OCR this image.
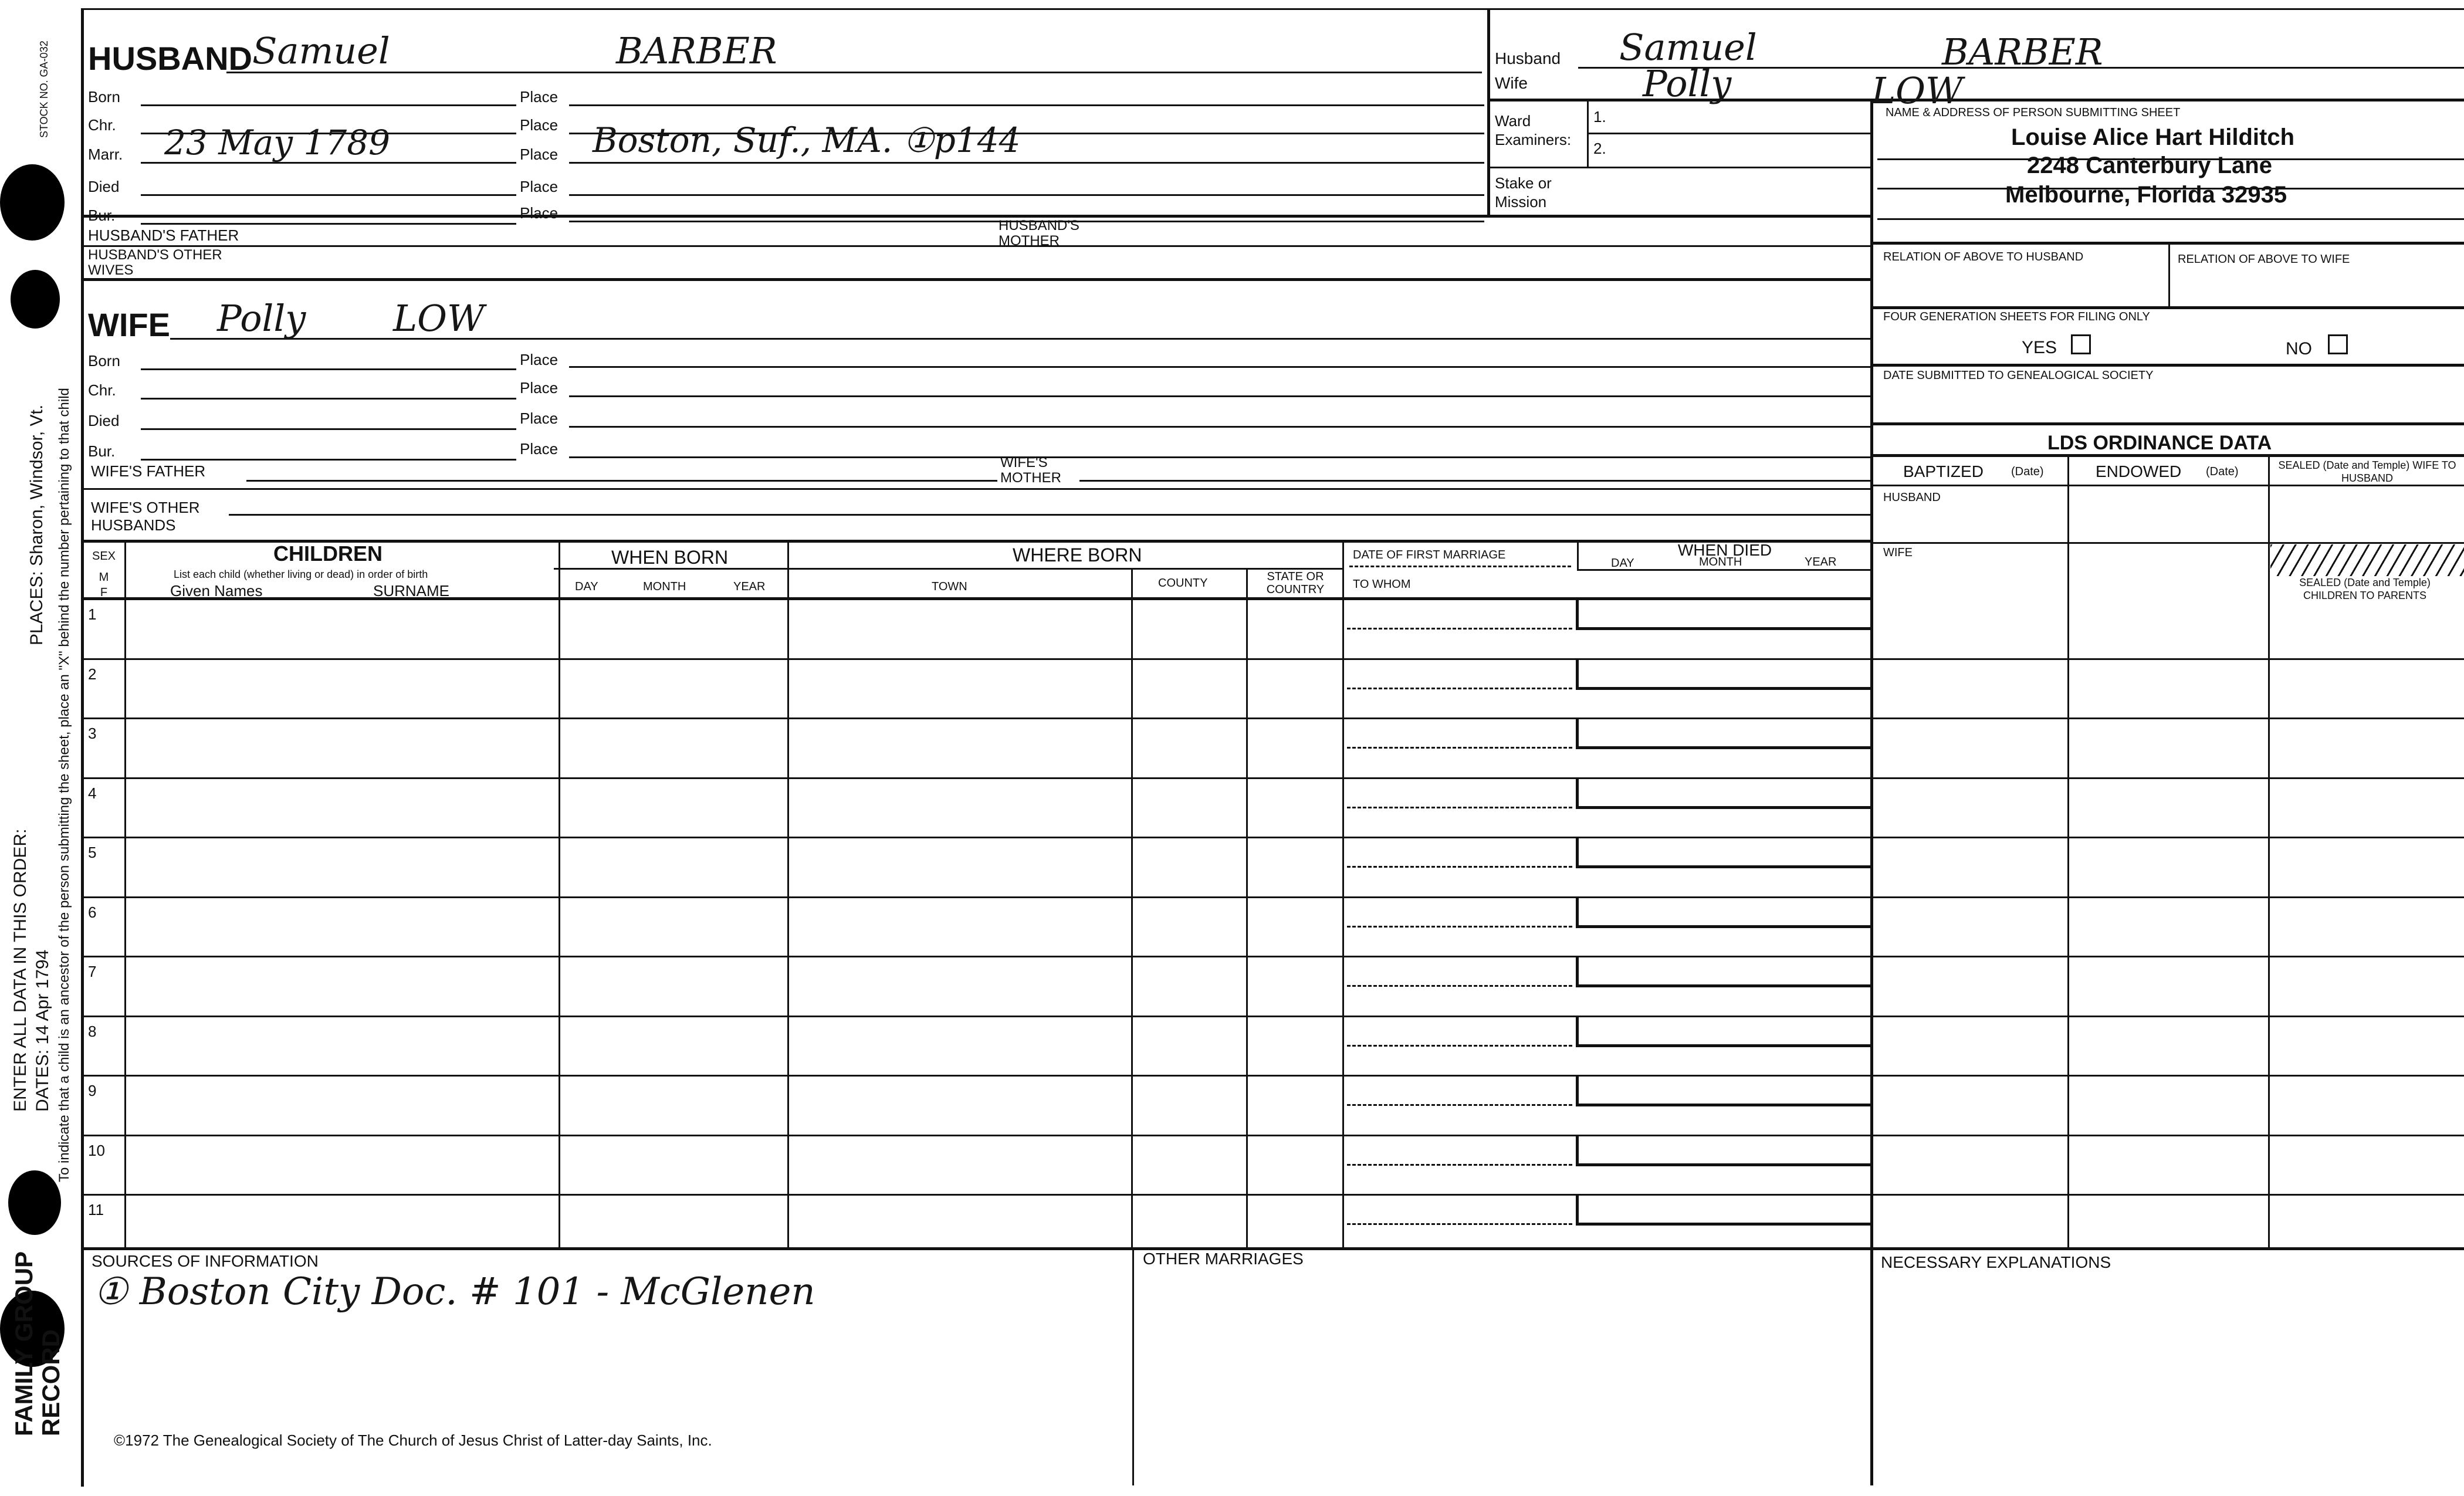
STOCK NO. GA-032
PLACES: Sharon, Windsor, Vt.
ENTER ALL DATA IN THIS ORDER: DATES: 14 Apr 1794 To indicate that a child is an ancestor of the person submitting the sheet, place an "X" behind the number pertaining to that child
FAMILY GROUP RECORD
HUSBAND Samuel	BARBER
Born	Place
Chr.	Place
Marr. 23 May 1789	Place Boston, Suf., MA. ①p144
Died	Place
Bur.	Place
HUSBAND'S FATHER
HUSBAND'S MOTHER
HUSBAND'S OTHER WIVES
WIFE Polly LOW
Born	Place
Chr.	Place
Died	Place
Bur.	Place
WIFE'S FATHER	WIFE'S MOTHER
WIFE'S OTHER HUSBANDS
Husband Samuel	BARBER
Wife	Polly	LOW
Ward Examiners:
1.
2.
Stake or Mission
NAME & ADDRESS OF PERSON SUBMITTING SHEET
Louise Alice Hart Hilditch
2248 Canterbury Lane
Melbourne, Florida 32935
RELATION OF ABOVE TO HUSBAND	RELATION OF ABOVE TO WIFE
FOUR GENERATION SHEETS FOR FILING ONLY
YES	NO
DATE SUBMITTED TO GENEALOGICAL SOCIETY
LDS ORDINANCE DATA
BAPTIZED (Date)	ENDOWED (Date)	SEALED (Date and Temple) WIFE TO HUSBAND
HUSBAND
WIFE
SEALED (Date and Temple) CHILDREN TO PARENTS
SEX
M
F
CHILDREN
List each child (whether living or dead) in order of birth
Given Names	SURNAME
WHEN BORN
DAY	MONTH	YEAR
WHERE BORN
TOWN	COUNTY	STATE OR COUNTRY
DATE OF FIRST MARRIAGE
TO WHOM
WHEN DIED
DAY	MONTH	YEAR
1
2
3
4
5
6
7
8
9
10
11
SOURCES OF INFORMATION
① Boston City Doc. # 101 - McGlenen
OTHER MARRIAGES	NECESSARY EXPLANATIONS
©1972 The Genealogical Society of The Church of Jesus Christ of Latter-day Saints, Inc.
